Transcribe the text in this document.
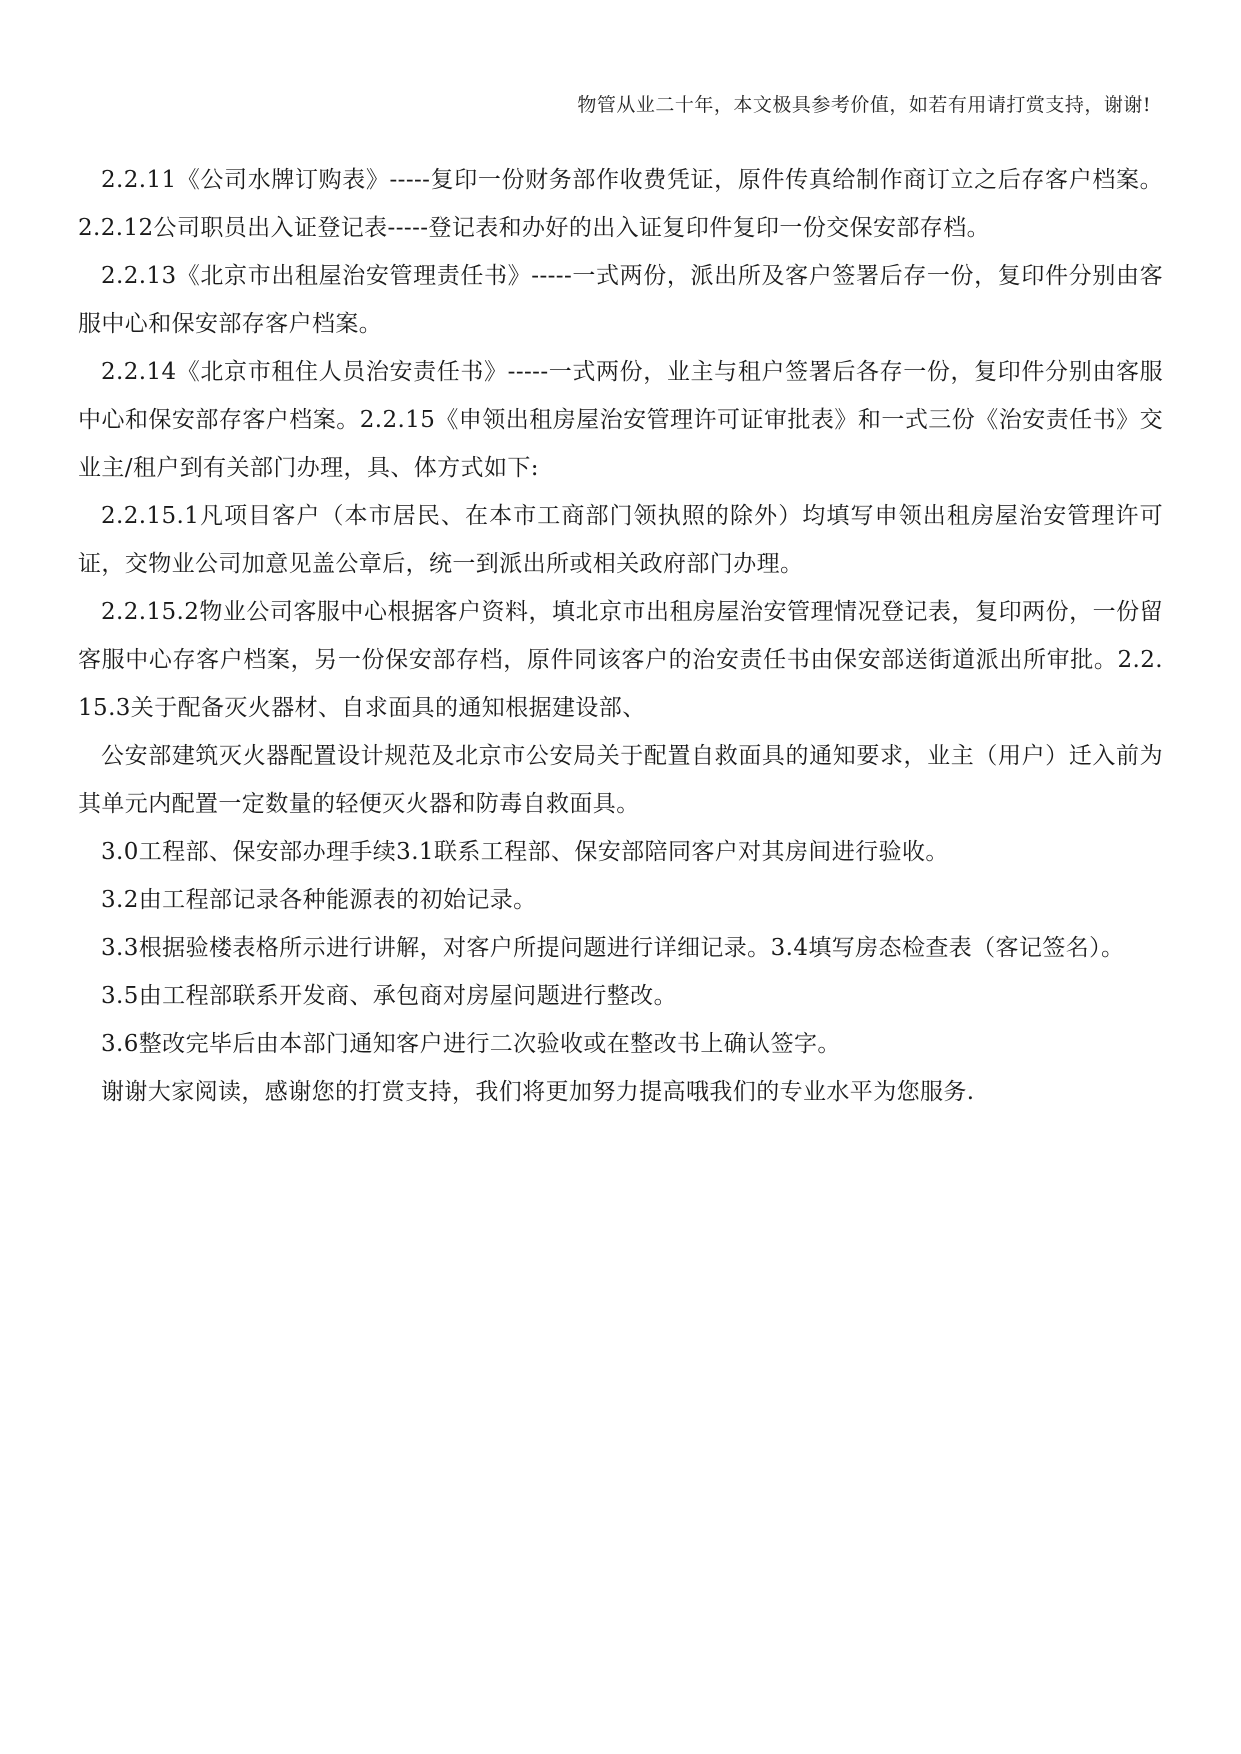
物管从业二十年，本文极具参考价值，如若有用请打赏支持，谢谢!

2.2.11《公司水牌订购表》-----复印一份财务部作收费凭证，原件传真给制作商订立之后存客户档案。2.2.12公司职员出入证登记表-----登记表和办好的出入证复印件复印一份交保安部存档。

2.2.13《北京市出租屋治安管理责任书》-----一式两份，派出所及客户签署后存一份，复印件分别由客服中心和保安部存客户档案。

2.2.14《北京市租住人员治安责任书》-----一式两份，业主与租户签署后各存一份，复印件分别由客服中心和保安部存客户档案。2.2.15《申领出租房屋治安管理许可证审批表》和一式三份《治安责任书》交业主/租户到有关部门办理，具、体方式如下:

2.2.15.1凡项目客户（本市居民、在本市工商部门领执照的除外）均填写申领出租房屋治安管理许可证，交物业公司加意见盖公章后，统一到派出所或相关政府部门办理。

2.2.15.2物业公司客服中心根据客户资料，填北京市出租房屋治安管理情况登记表，复印两份，一份留客服中心存客户档案，另一份保安部存档，原件同该客户的治安责任书由保安部送街道派出所审批。2.2.15.3关于配备灭火器材、自求面具的通知根据建设部、

公安部建筑灭火器配置设计规范及北京市公安局关于配置自救面具的通知要求，业主（用户）迁入前为其单元内配置一定数量的轻便灭火器和防毒自救面具。

3.0工程部、保安部办理手续3.1联系工程部、保安部陪同客户对其房间进行验收。

3.2由工程部记录各种能源表的初始记录。

3.3根据验楼表格所示进行讲解，对客户所提问题进行详细记录。3.4填写房态检查表（客记签名）。

3.5由工程部联系开发商、承包商对房屋问题进行整改。

3.6整改完毕后由本部门通知客户进行二次验收或在整改书上确认签字。

谢谢大家阅读，感谢您的打赏支持，我们将更加努力提高哦我们的专业水平为您服务.
